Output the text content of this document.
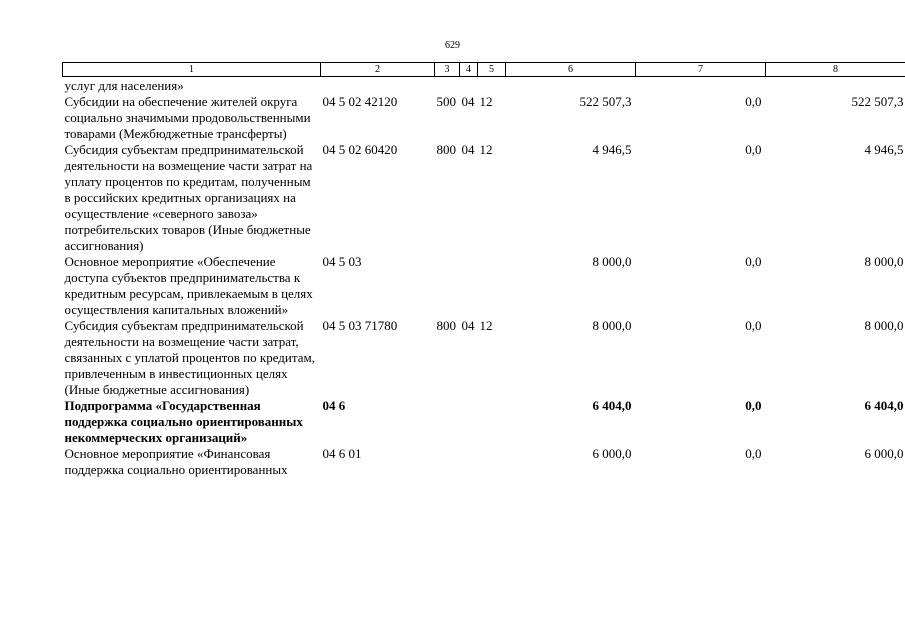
629
1	2	3	4	5	6	7	8
услуг для населения»							
Субсидии на обеспечение жителей округа социально значимыми продовольственными товарами (Межбюджетные трансферты)	04 5 02 42120	500	04	12	522 507,3	0,0	522 507,3
Субсидия субъектам предпринимательской деятельности на возмещение части затрат на уплату процентов по кредитам, полученным в российских кредитных организациях на осуществление «северного завоза» потребительских товаров (Иные бюджетные ассигнования)	04 5 02 60420	800	04	12	4 946,5	0,0	4 946,5
Основное мероприятие «Обеспечение доступа субъектов предпринимательства к кредитным ресурсам, привлекаемым в целях осуществления капитальных вложений»	04 5 03				8 000,0	0,0	8 000,0
Субсидия субъектам предпринимательской деятельности на возмещение части затрат, связанных с уплатой процентов по кредитам, привлеченным в инвестиционных целях (Иные бюджетные ассигнования)	04 5 03 71780	800	04	12	8 000,0	0,0	8 000,0
Подпрограмма «Государственная поддержка социально ориентированных некоммерческих организаций»	04 6				6 404,0	0,0	6 404,0
Основное мероприятие «Финансовая поддержка социально ориентированных	04 6 01				6 000,0	0,0	6 000,0
